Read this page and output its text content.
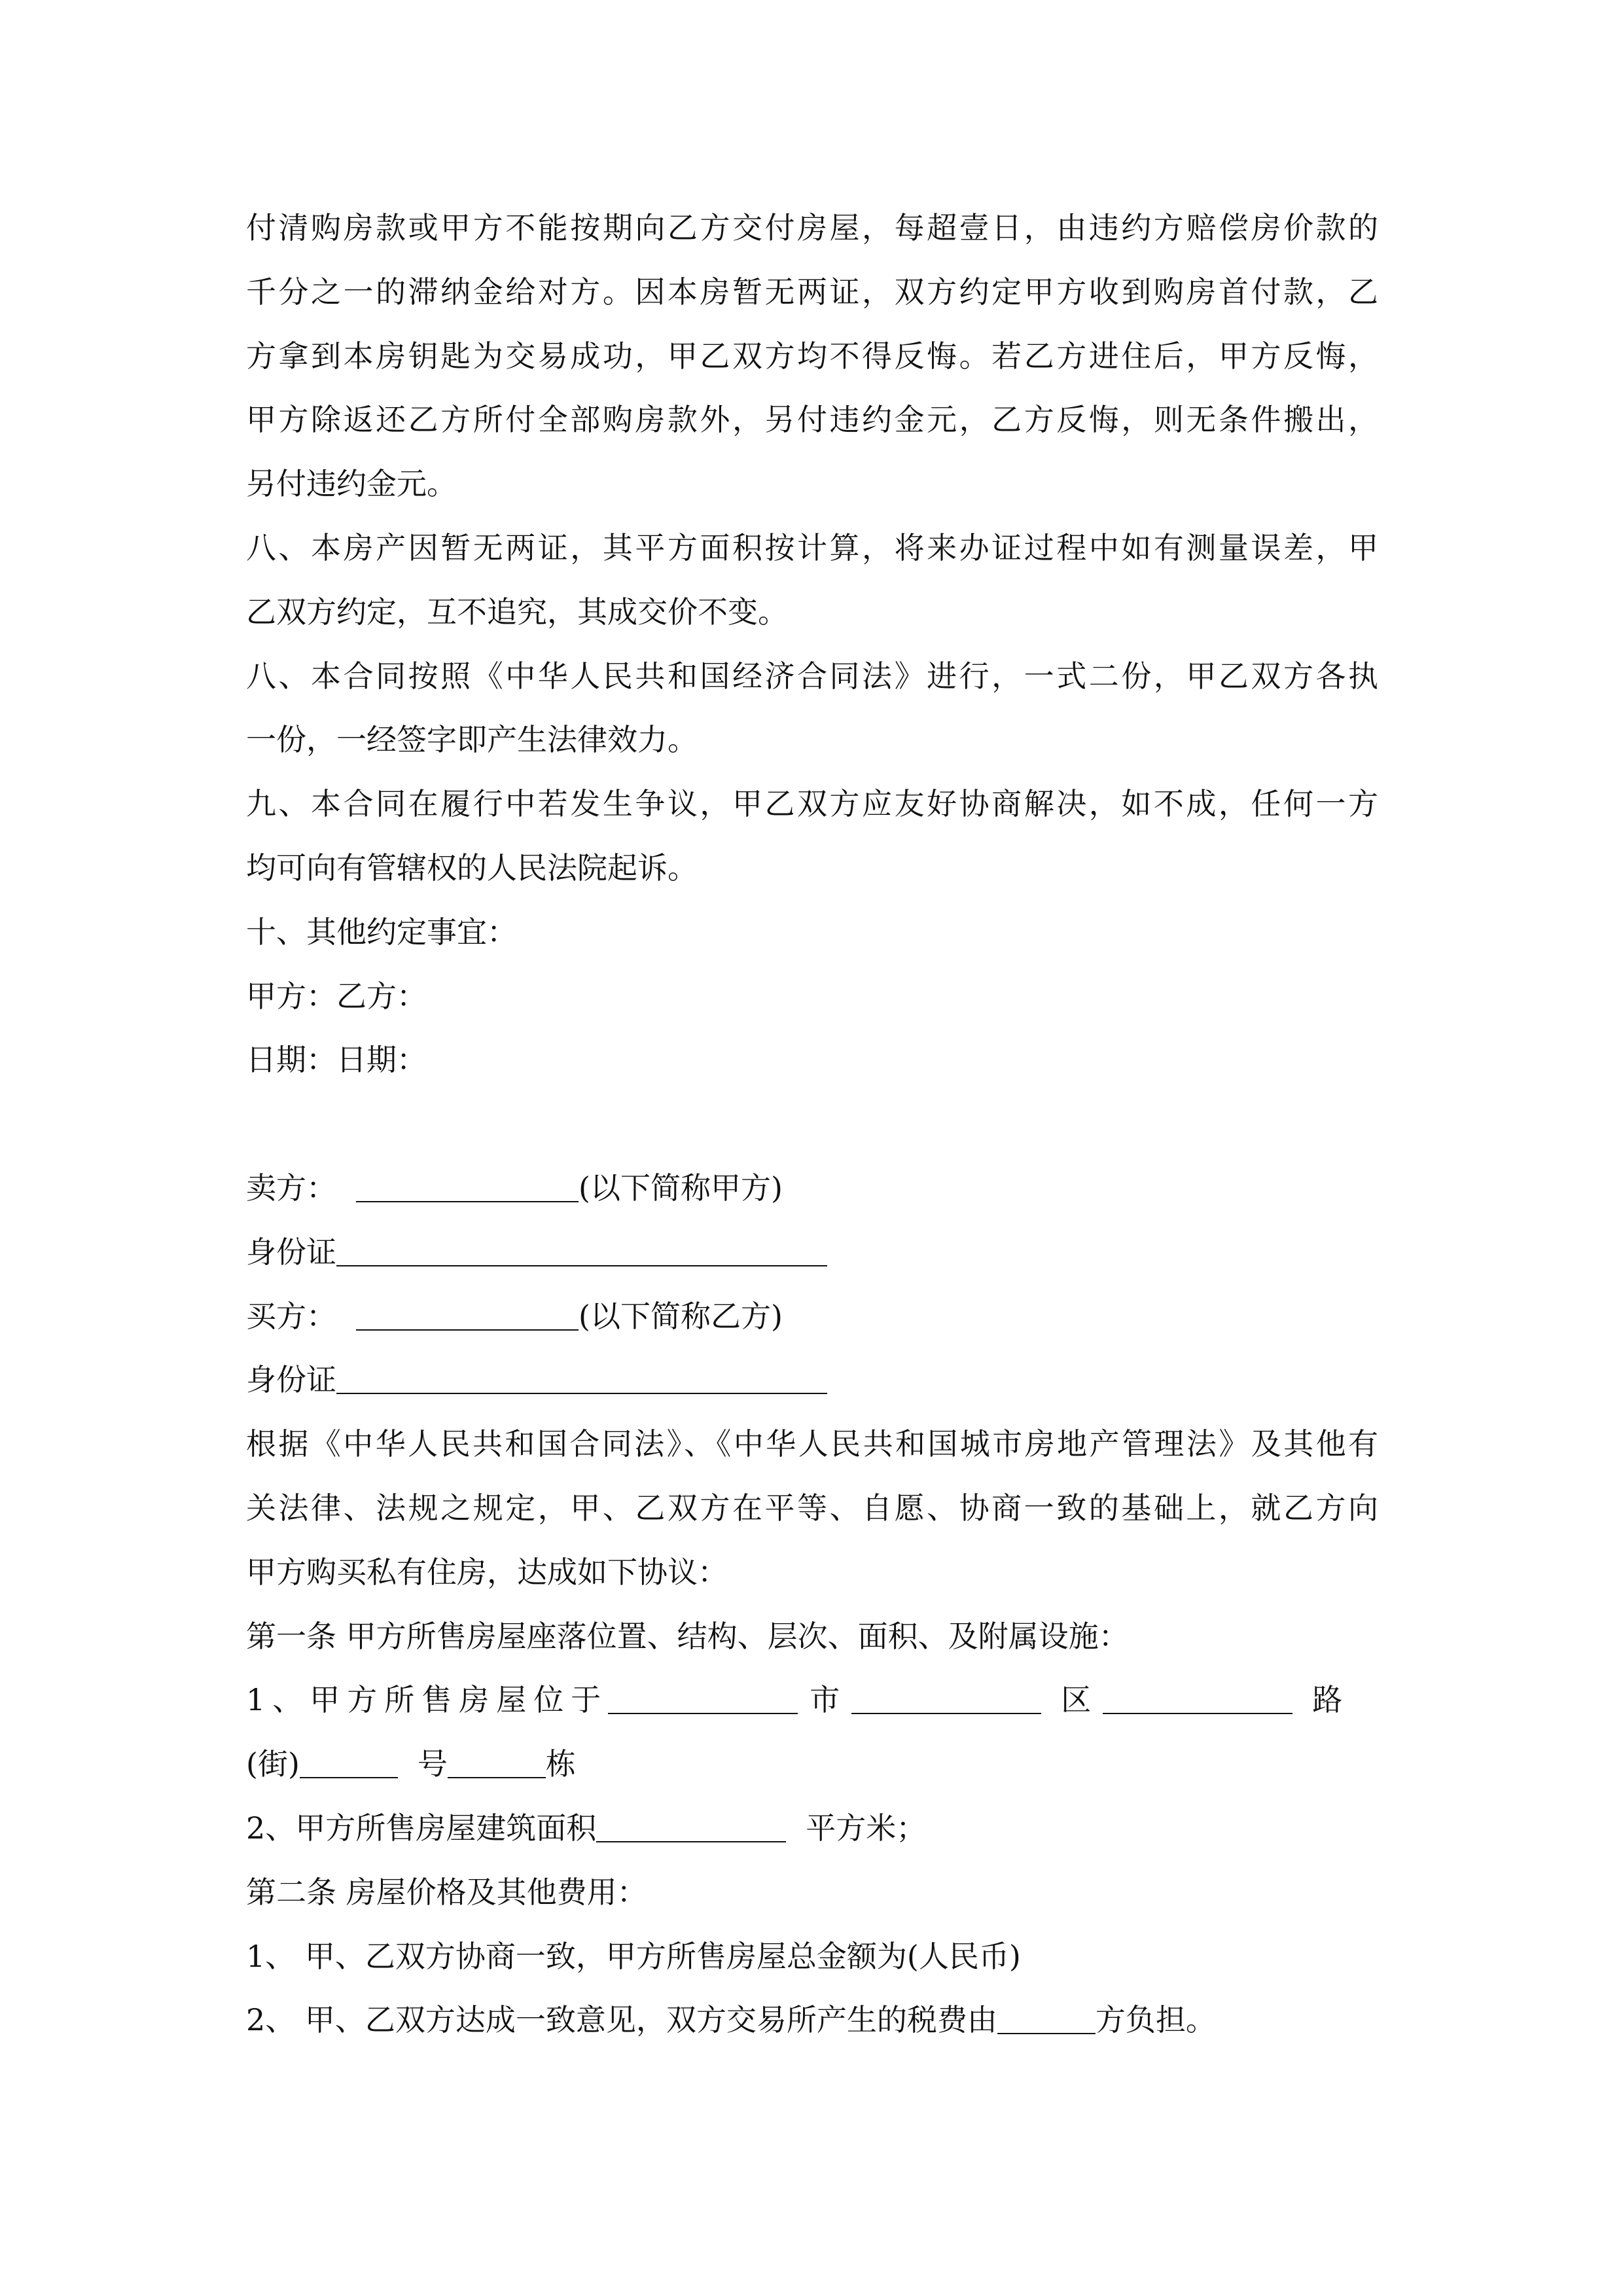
付清购房款或甲方不能按期向乙方交付房屋，每超壹日，由违约方赔偿房价款的
千分之一的滞纳金给对方。因本房暂无两证，双方约定甲方收到购房首付款，乙
方拿到本房钥匙为交易成功，甲乙双方均不得反悔。若乙方进住后，甲方反悔，
甲方除返还乙方所付全部购房款外，另付违约金元，乙方反悔，则无条件搬出，
另付违约金元。
八、本房产因暂无两证，其平方面积按计算，将来办证过程中如有测量误差，甲
乙双方约定，互不追究，其成交价不变。
八、本合同按照《中华人民共和国经济合同法》进行，一式二份，甲乙双方各执
一份，一经签字即产生法律效力。
九、本合同在履行中若发生争议，甲乙双方应友好协商解决，如不成，任何一方
均可向有管辖权的人民法院起诉。
十、其他约定事宜：
甲方：乙方：
日期：日期：
卖方：	(以下简称甲方)
身份证
买方：	(以下简称乙方)
身份证
根据《中华人民共和国合同法》、《中华人民共和国城市房地产管理法》及其他有
关法律、法规之规定，甲、乙双方在平等、自愿、协商一致的基础上，就乙方向
甲方购买私有住房，达成如下协议：
第一条 甲方所售房屋座落位置、结构、层次、面积、及附属设施：
1、甲方所售房屋位于	市	区	路
(街)	号	栋
2、甲方所售房屋建筑面积	平方米；
第二条 房屋价格及其他费用：
1、 甲、乙双方协商一致，甲方所售房屋总金额为(人民币)
2、 甲、乙双方达成一致意见，双方交易所产生的税费由	方负担。
